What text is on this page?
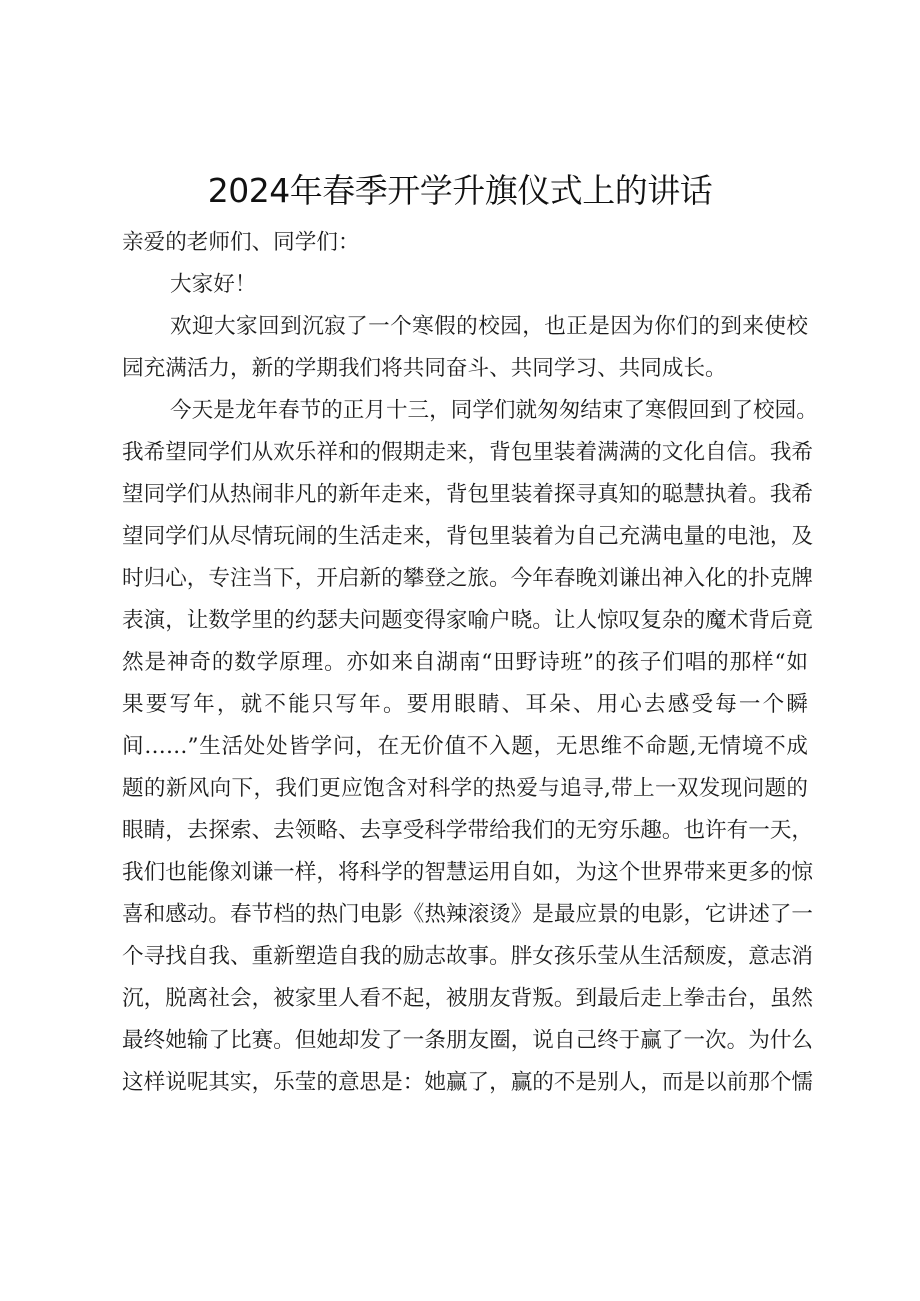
2024年春季开学升旗仪式上的讲话
亲爱的老师们、同学们：
大家好！
欢迎大家回到沉寂了一个寒假的校园，也正是因为你们的到来使校
园充满活力，新的学期我们将共同奋斗、共同学习、共同成长。
今天是龙年春节的正月十三，同学们就匆匆结束了寒假回到了校园。
我希望同学们从欢乐祥和的假期走来，背包里装着满满的文化自信。我希
望同学们从热闹非凡的新年走来，背包里装着探寻真知的聪慧执着。我希
望同学们从尽情玩闹的生活走来，背包里装着为自己充满电量的电池，及
时归心，专注当下，开启新的攀登之旅。今年春晚刘谦出神入化的扑克牌
表演，让数学里的约瑟夫问题变得家喻户晓。让人惊叹复杂的魔术背后竟
然是神奇的数学原理。亦如来自湖南“田野诗班”的孩子们唱的那样“如
果要写年，就不能只写年。要用眼睛、耳朵、用心去感受每一个瞬
间……”生活处处皆学问，在无价值不入题，无思维不命题,无情境不成
题的新风向下，我们更应饱含对科学的热爱与追寻,带上一双发现问题的
眼睛，去探索、去领略、去享受科学带给我们的无穷乐趣。也许有一天，
我们也能像刘谦一样，将科学的智慧运用自如，为这个世界带来更多的惊
喜和感动。春节档的热门电影《热辣滚烫》是最应景的电影，它讲述了一
个寻找自我、重新塑造自我的励志故事。胖女孩乐莹从生活颓废，意志消
沉，脱离社会，被家里人看不起，被朋友背叛。到最后走上拳击台，虽然
最终她输了比赛。但她却发了一条朋友圈，说自己终于赢了一次。为什么
这样说呢其实，乐莹的意思是：她赢了，赢的不是别人，而是以前那个懦
